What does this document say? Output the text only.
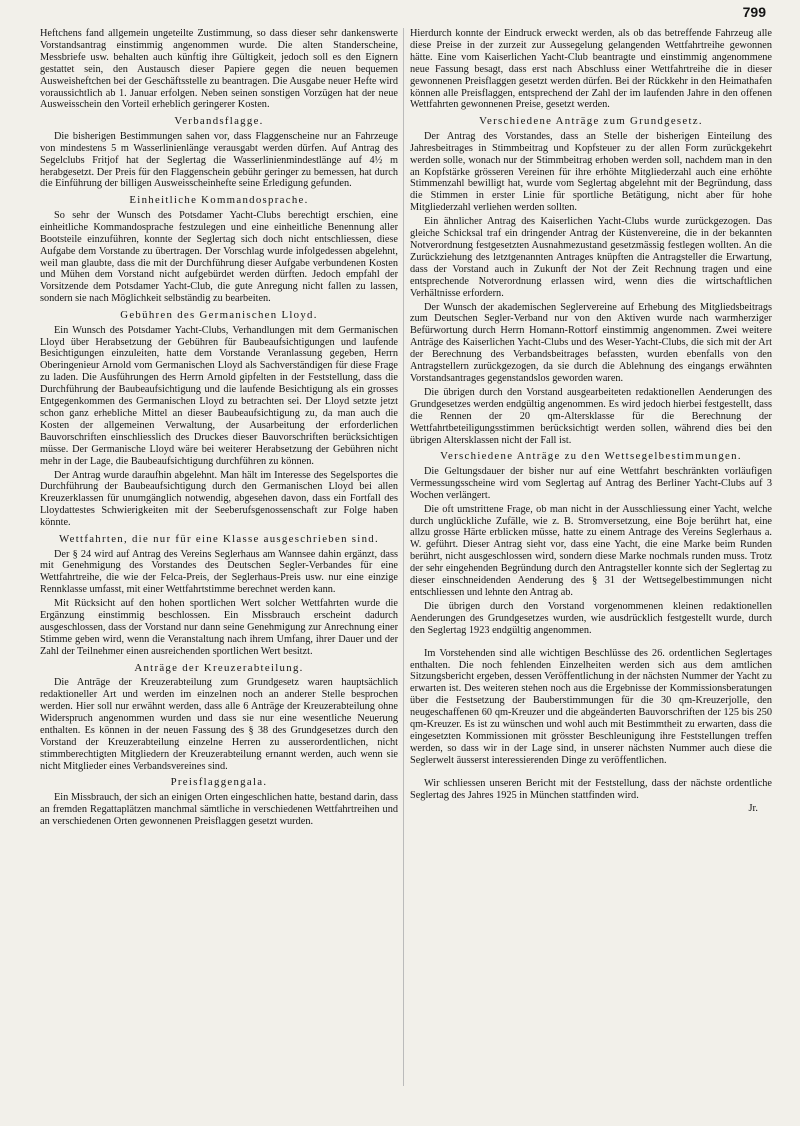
799

Heftchens fand allgemein ungeteilte Zustimmung, so dass dieser sehr dankenswerte Vorstandsantrag einstimmig angenommen wurde. Die alten Standerscheine, Messbriefe usw. behalten auch künftig ihre Gültigkeit, jedoch soll es den Eignern gestattet sein, den Austausch dieser Papiere gegen die neuen bequemen Ausweisheftchen bei der Geschäftsstelle zu beantragen. Die Ausgabe neuer Hefte wird voraussichtlich ab 1. Januar erfolgen. Neben seinen sonstigen Vorzügen hat der neue Ausweisschein den Vorteil erheblich geringerer Kosten.

Verbandsflagge.

Die bisherigen Bestimmungen sahen vor, dass Flaggenscheine nur an Fahrzeuge von mindestens 5 m Wasserlinienlänge verausgabt werden dürfen. Auf Antrag des Segelclubs Fritjof hat der Seglertag die Wasserlinienmindestlänge auf 4½ m herabgesetzt. Der Preis für den Flaggenschein gebühr geringer zu bemessen, hat durch die Einführung der billigen Ausweisscheinhefte seine Erledigung gefunden.

Einheitliche Kommandosprache.

So sehr der Wunsch des Potsdamer Yacht-Clubs berechtigt erschien, eine einheitliche Kommandosprache festzulegen und eine einheitliche Benennung aller Bootsteile einzuführen, konnte der Seglertag sich doch nicht entschliessen, diese Aufgabe dem Vorstande zu übertragen. Der Vorschlag wurde infolgedessen abgelehnt, weil man glaubte, dass die mit der Durchführung dieser Aufgabe verbundenen Kosten und Mühen dem Vorstand nicht aufgebürdet werden dürften. Jedoch empfahl der Vorsitzende dem Potsdamer Yacht-Club, die gute Anregung nicht fallen zu lassen, sondern sie nach Möglichkeit selbständig zu bearbeiten.

Gebühren des Germanischen Lloyd.

Ein Wunsch des Potsdamer Yacht-Clubs, Verhandlungen mit dem Germanischen Lloyd über Herabsetzung der Gebühren für Baubeaufsichtigungen und laufende Besichtigungen einzuleiten, hatte dem Vorstande Veranlassung gegeben, Herrn Oberingenieur Arnold vom Germanischen Lloyd als Sachverständigen für diese Frage zu laden. Die Ausführungen des Herrn Arnold gipfelten in der Feststellung, dass die Durchführung der Baubeaufsichtigung und die laufende Besichtigung als ein grosses Entgegenkommen des Germanischen Lloyd zu betrachten sei. Der Lloyd setzte jetzt schon ganz erhebliche Mittel an dieser Baubeaufsichtigung zu, da man auch die Kosten der allgemeinen Verwaltung, der Ausarbeitung der erforderlichen Bauvorschriften einschliesslich des Druckes dieser Bauvorschriften berücksichtigen müsse. Der Germanische Lloyd wäre bei weiterer Herabsetzung der Gebühren nicht mehr in der Lage, die Baubeaufsichtigung durchführen zu können.

Der Antrag wurde daraufhin abgelehnt. Man hält im Interesse des Segelsportes die Durchführung der Baubeaufsichtigung durch den Germanischen Lloyd bei allen Kreuzerklassen für unumgänglich notwendig, abgesehen davon, dass ein Fortfall des Lloydattestes Schwierigkeiten mit der Seeberufsgenossenschaft zur Folge haben könnte.

Wettfahrten, die nur für eine Klasse ausgeschrieben sind.

Der § 24 wird auf Antrag des Vereins Seglerhaus am Wannsee dahin ergänzt, dass mit Genehmigung des Vorstandes des Deutschen Segler-Verbandes für eine Wettfahrtreihe, die wie der Felca-Preis, der Seglerhaus-Preis usw. nur eine einzige Rennklasse umfasst, mit einer Wettfahrtstimme berechnet werden kann.

Mit Rücksicht auf den hohen sportlichen Wert solcher Wettfahrten wurde die Ergänzung einstimmig beschlossen. Ein Missbrauch erscheint dadurch ausgeschlossen, dass der Vorstand nur dann seine Genehmigung zur Anrechnung einer Stimme geben wird, wenn die Veranstaltung nach ihrem Umfang, ihrer Dauer und der Zahl der Teilnehmer einen ausreichenden sportlichen Wert besitzt.

Anträge der Kreuzerabteilung.

Die Anträge der Kreuzerabteilung zum Grundgesetz waren hauptsächlich redaktioneller Art und werden im einzelnen noch an anderer Stelle besprochen werden. Hier soll nur erwähnt werden, dass alle 6 Anträge der Kreuzerabteilung ohne Widerspruch angenommen wurden und dass sie nur eine wesentliche Neuerung enthalten. Es können in der neuen Fassung des § 38 des Grundgesetzes durch den Vorstand der Kreuzerabteilung einzelne Herren zu ausserordentlichen, nicht stimmberechtigten Mitgliedern der Kreuzerabteilung ernannt werden, auch wenn sie nicht Mitglieder eines Verbandsvereines sind.

Preisflaggengala.

Ein Missbrauch, der sich an einigen Orten eingeschlichen hatte, bestand darin, dass an fremden Regattaplätzen manchmal sämtliche in verschiedenen Wettfahrtreihen und an verschiedenen Orten gewonnenen Preisflaggen gesetzt wurden.

Hierdurch konnte der Eindruck erweckt werden, als ob das betreffende Fahrzeug alle diese Preise in der zurzeit zur Aussegelung gelangenden Wettfahrtreihe gewonnen hätte. Eine vom Kaiserlichen Yacht-Club beantragte und einstimmig angenommene neue Fassung besagt, dass erst nach Abschluss einer Wettfahrtreihe die in dieser gewonnenen Preisflaggen gesetzt werden dürfen. Bei der Rückkehr in den Heimathafen können alle Preisflaggen, entsprechend der Zahl der im laufenden Jahre in den offenen Wettfahrten gewonnenen Preise, gesetzt werden.

Verschiedene Anträge zum Grundgesetz.

Der Antrag des Vorstandes, dass an Stelle der bisherigen Einteilung des Jahresbeitrages in Stimmbeitrag und Kopfsteuer zu der allen Form zurückgekehrt werden solle, wonach nur der Stimmbeitrag erhoben werden soll, nachdem man in den an Kopfstärke grösseren Vereinen für ihre erhöhte Mitgliederzahl auch eine erhöhte Stimmenzahl bewilligt hat, wurde vom Seglertag abgelehnt mit der Begründung, dass die Stimmen in erster Linie für sportliche Betätigung, nicht aber für hohe Mitgliederzahl verliehen werden sollten.

Ein ähnlicher Antrag des Kaiserlichen Yacht-Clubs wurde zurückgezogen. Das gleiche Schicksal traf ein dringender Antrag der Küstenvereine, die in der bekannten Notverordnung festgesetzten Ausnahmezustand gesetzmässig festlegen wollten. An die Zurückziehung des letztgenannten Antrages knüpften die Antragsteller die Erwartung, dass der Vorstand auch in Zukunft der Not der Zeit Rechnung tragen und eine entsprechende Notverordnung erlassen wird, wenn dies die wirtschaftlichen Verhältnisse erfordern.

Der Wunsch der akademischen Seglervereine auf Erhebung des Mitgliedsbeitrags zum Deutschen Segler-Verband nur von den Aktiven wurde nach warmherziger Befürwortung durch Herrn Homann-Rottorf einstimmig angenommen. Zwei weitere Anträge des Kaiserlichen Yacht-Clubs und des Weser-Yacht-Clubs, die sich mit der Art der Berechnung des Verbandsbeitrages befassten, wurden ebenfalls von den Antragstellern zurückgezogen, da sie durch die Ablehnung des eingangs erwähnten Vorstandsantrages gegenstandslos geworden waren.

Die übrigen durch den Vorstand ausgearbeiteten redaktionellen Aenderungen des Grundgesetzes werden endgültig angenommen. Es wird jedoch hierbei festgestellt, dass die Rennen der 20 qm-Altersklasse für die Berechnung der Wettfahrtbeteiligungsstimmen berücksichtigt werden sollen, während dies bei den übrigen Altersklassen nicht der Fall ist.

Verschiedene Anträge zu den Wettsegelbestimmungen.

Die Geltungsdauer der bisher nur auf eine Wettfahrt beschränkten vorläufigen Vermessungsscheine wird vom Seglertag auf Antrag des Berliner Yacht-Clubs auf 3 Wochen verlängert.

Die oft umstrittene Frage, ob man nicht in der Ausschliessung einer Yacht, welche durch unglückliche Zufälle, wie z. B. Stromversetzung, eine Boje berührt hat, eine allzu grosse Härte erblicken müsse, hatte zu einem Antrage des Vereins Seglerhaus a. W. geführt. Dieser Antrag sieht vor, dass eine Yacht, die eine Marke beim Runden berührt, nicht ausgeschlossen wird, sondern diese Marke nochmals runden muss. Trotz der sehr eingehenden Begründung durch den Antragsteller konnte sich der Seglertag zu dieser einschneidenden Aenderung des § 31 der Wettsegelbestimmungen nicht entschliessen und lehnte den Antrag ab.

Die übrigen durch den Vorstand vorgenommenen kleinen redaktionellen Aenderungen des Grundgesetzes wurden, wie ausdrücklich festgestellt wurde, durch den Seglertag 1923 endgültig angenommen.

Im Vorstehenden sind alle wichtigen Beschlüsse des 26. ordentlichen Seglertages enthalten. Die noch fehlenden Einzelheiten werden sich aus dem amtlichen Sitzungsbericht ergeben, dessen Veröffentlichung in der nächsten Nummer der Yacht zu erwarten ist. Des weiteren stehen noch aus die Ergebnisse der Kommissionsberatungen über die Festsetzung der Bauberstimmungen für die 30 qm-Kreuzerjolle, den neugeschaffenen 60 qm-Kreuzer und die abgeänderten Bauvorschriften der 125 bis 250 qm-Kreuzer. Es ist zu wünschen und wohl auch mit Bestimmtheit zu erwarten, dass die eingesetzten Kommissionen mit grösster Beschleunigung ihre Feststellungen treffen werden, so dass wir in der Lage sind, in unserer nächsten Nummer auch diese die Seglerwelt äusserst interessierenden Dinge zu veröffentlichen.

Wir schliessen unseren Bericht mit der Feststellung, dass der nächste ordentliche Seglertag des Jahres 1925 in München stattfinden wird.

Jr.
